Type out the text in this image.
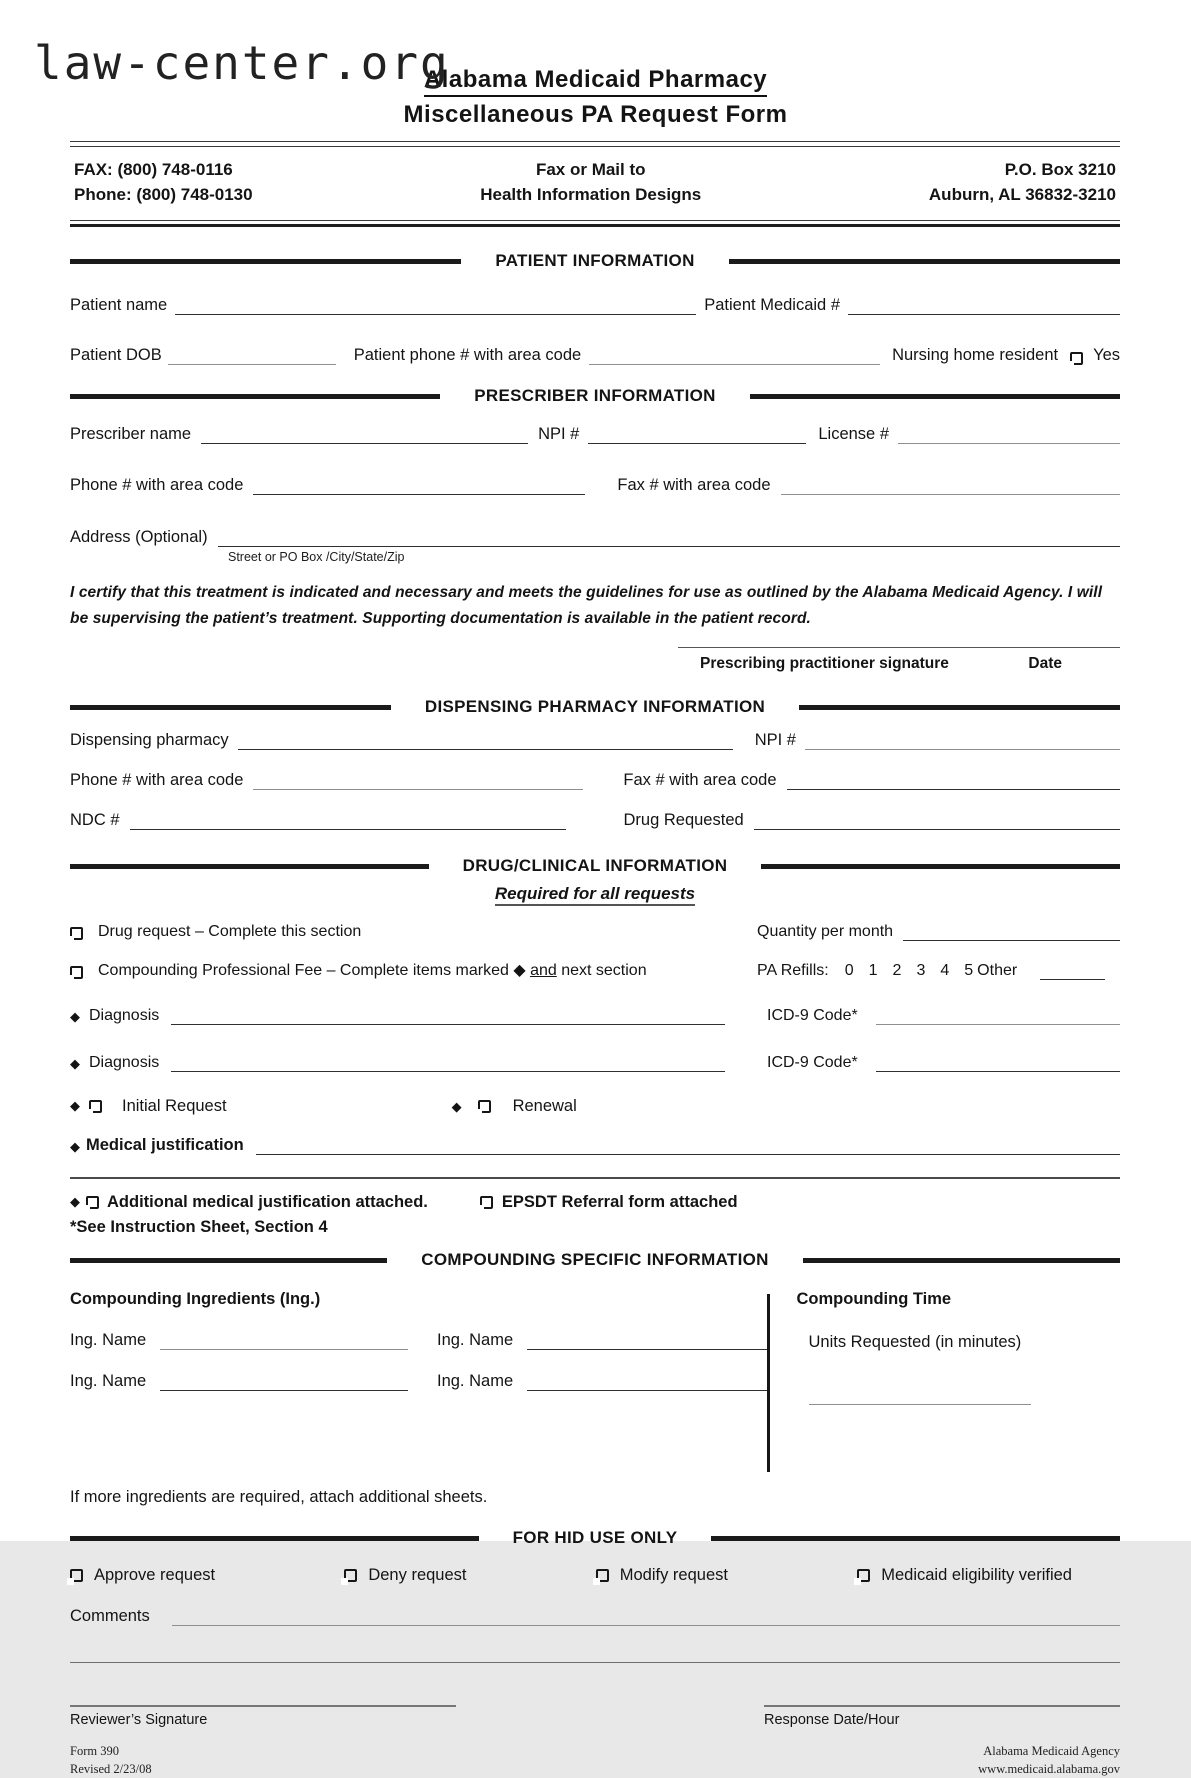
law-center.org
Alabama Medicaid Pharmacy
Miscellaneous PA Request Form
FAX: (800) 748-0116
Phone: (800) 748-0130
Fax or Mail to
Health Information Designs
P.O. Box 3210
Auburn, AL 36832-3210
PATIENT INFORMATION
Patient name	Patient Medicaid #
Patient DOB	Patient phone # with area code	Nursing home resident Yes
PRESCRIBER INFORMATION
Prescriber name	NPI #	License #
Phone # with area code	Fax # with area code
Address (Optional)
Street or PO Box /City/State/Zip
I certify that this treatment is indicated and necessary and meets the guidelines for use as outlined by the Alabama Medicaid Agency. I will be supervising the patient’s treatment. Supporting documentation is available in the patient record.
Prescribing practitioner signature	Date
DISPENSING PHARMACY INFORMATION
Dispensing pharmacy	NPI #
Phone # with area code	Fax # with area code
NDC #	Drug Requested
DRUG/CLINICAL INFORMATION
Required for all requests
Drug request – Complete this section	Quantity per month
Compounding Professional Fee – Complete items marked ◆ and next section	PA Refills: 0 1 2 3 4 5 Other
◆ Diagnosis	ICD-9 Code*
◆ Diagnosis	ICD-9 Code*
◆	Initial Request	◆	Renewal
◆ Medical justification
◆ Additional medical justification attached.	EPSDT Referral form attached
*See Instruction Sheet, Section 4
COMPOUNDING SPECIFIC INFORMATION
Compounding Ingredients (Ing.)
Ing. Name	Ing. Name
Ing. Name	Ing. Name
Compounding Time
Units Requested (in minutes)
If more ingredients are required, attach additional sheets.
FOR HID USE ONLY
Approve request	Deny request	Modify request	Medicaid eligibility verified
Comments
Reviewer’s Signature	Response Date/Hour
Form 390
Revised 2/23/08
Alabama Medicaid Agency
www.medicaid.alabama.gov
